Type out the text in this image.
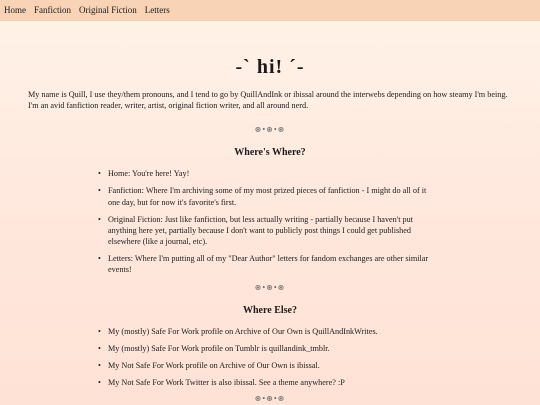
Home Fanfiction Original Fiction Letters
-ˋ hi! ˊ-

My name is Quill, I use they/them pronouns, and I tend to go by QuillAndInk or ibissal around the interwebs depending on how steamy I'm being. I'm an avid fanfiction reader, writer, artist, original fiction writer, and all around nerd.

⊛•⊛•⊛
Where's Where?
• Home: You're here! Yay!
• Fanfiction: Where I'm archiving some of my most prized pieces of fanfiction - I might do all of it one day, but for now it's favorite's first.
• Original Fiction: Just like fanfiction, but less actually writing - partially because I haven't put anything here yet, partially because I don't want to publicly post things I could get published elsewhere (like a journal, etc).
• Letters: Where I'm putting all of my "Dear Author" letters for fandom exchanges are other similar events!
⊛•⊛•⊛
Where Else?
• My (mostly) Safe For Work profile on Archive of Our Own is QuillAndInkWrites.
• My (mostly) Safe For Work profile on Tumblr is quillandink_tmblr.
• My Not Safe For Work profile on Archive of Our Own is ibissal.
• My Not Safe For Work Twitter is also ibissal. See a theme anywhere? :P
⊛•⊛•⊛
